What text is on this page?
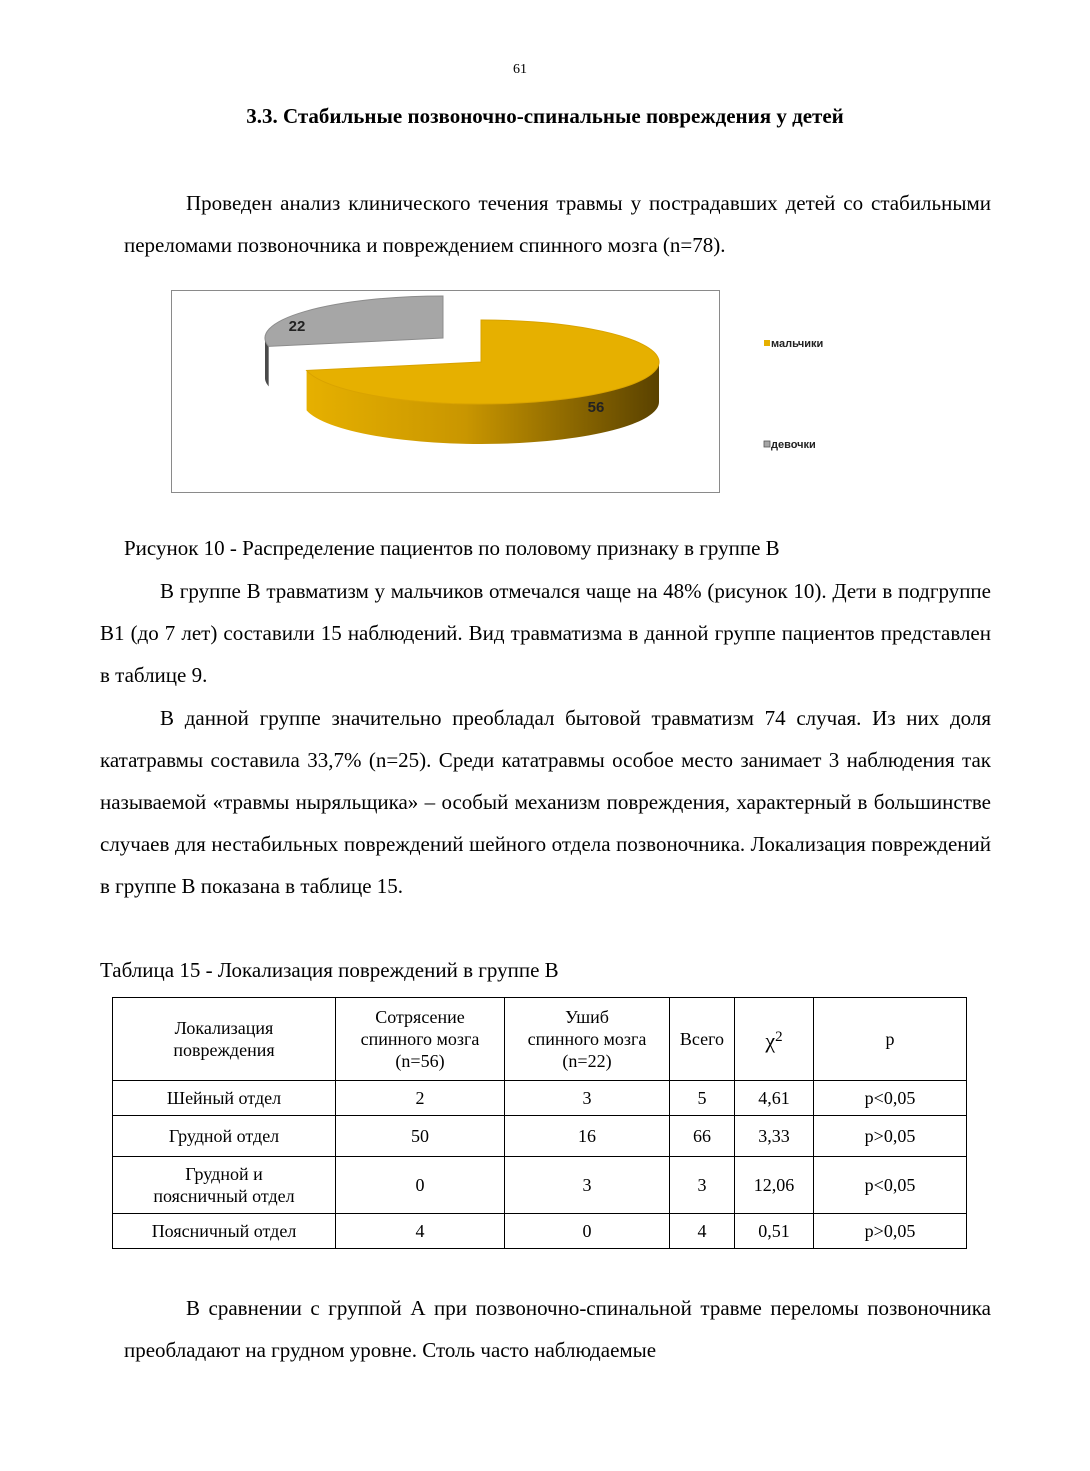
61
3.3. Стабильные позвоночно-спинальные повреждения у детей

Проведен анализ клинического течения травмы у пострадавших детей со стабильными переломами позвоночника и повреждением спинного мозга (n=78).

56
22
мальчики
девочки
Рисунок 10 - Распределение пациентов по половому признаку в группе В

В группе В травматизм у мальчиков отмечался чаще на 48% (рисунок 10). Дети в подгруппе В1 (до 7 лет) составили 15 наблюдений. Вид травматизма в данной группе пациентов представлен в таблице 9.

В данной группе значительно преобладал бытовой травматизм 74 случая. Из них доля кататравмы составила 33,7% (n=25). Среди кататравмы особое место занимает 3 наблюдения так называемой «травмы ныряльщика» – особый механизм повреждения, характерный в большинстве случаев для нестабильных повреждений шейного отдела позвоночника. Локализация повреждений в группе В показана в таблице 15.

Таблица 15 - Локализация повреждений в группе В
Локализация
повреждения	Сотрясение
спинного мозга
(n=56)	Ушиб
спинного мозга
(n=22)	Всего	$\chi^2$	p
Шейный отдел	2	3	5	4,61	p<0,05
Грудной отдел	50	16	66	3,33	p>0,05
Грудной и
поясничный отдел	0	3	3	12,06	p<0,05
Поясничный отдел	4	0	4	0,51	p>0,05

В сравнении с группой А при позвоночно-спинальной травме переломы позвоночника преобладают на грудном уровне. Столь часто наблюдаемые
